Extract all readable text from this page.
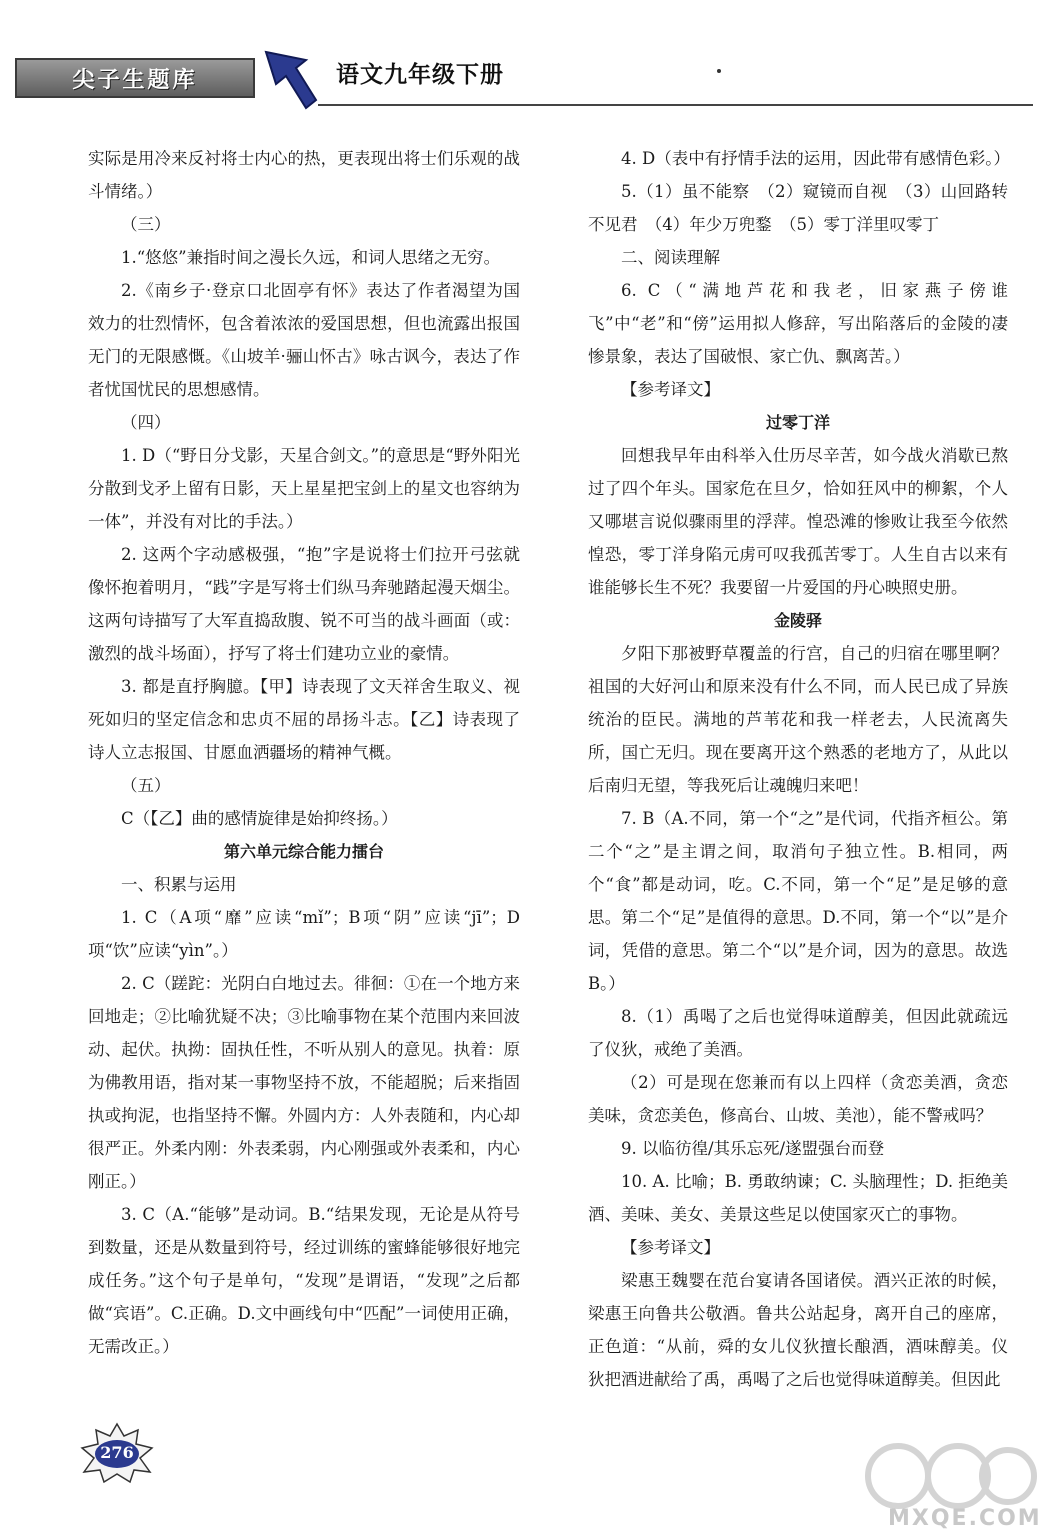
尖子生题库	语文九年级下册

实际是用冷来反衬将士内心的热，更表现出将士们乐观的战斗情绪。）

（三）

1.“悠悠”兼指时间之漫长久远，和词人思绪之无穷。

2.《南乡子·登京口北固亭有怀》表达了作者渴望为国效力的壮烈情怀，包含着浓浓的爱国思想，但也流露出报国无门的无限感慨。《山坡羊·骊山怀古》咏古讽今，表达了作者忧国忧民的思想感情。

（四）

1. D（“野日分戈影，天星合剑文。”的意思是“野外阳光分散到戈矛上留有日影，天上星星把宝剑上的星文也容纳为一体”，并没有对比的手法。）

2. 这两个字动感极强，“抱”字是说将士们拉开弓弦就像怀抱着明月，“践”字是写将士们纵马奔驰踏起漫天烟尘。这两句诗描写了大军直捣敌腹、锐不可当的战斗画面（或：激烈的战斗场面），抒写了将士们建功立业的豪情。

3. 都是直抒胸臆。【甲】诗表现了文天祥舍生取义、视死如归的坚定信念和忠贞不屈的昂扬斗志。【乙】诗表现了诗人立志报国、甘愿血洒疆场的精神气概。

（五）

C（【乙】曲的感情旋律是始抑终扬。）

第六单元综合能力擂台

一、积累与运用

1. C（A项“靡”应读“mǐ”；B项“阴”应读“jī”；D项“饮”应读“yìn”。）

2. C（蹉跎：光阴白白地过去。徘徊：①在一个地方来回地走；②比喻犹疑不决；③比喻事物在某个范围内来回波动、起伏。执拗：固执任性，不听从别人的意见。执着：原为佛教用语，指对某一事物坚持不放，不能超脱；后来指固执或拘泥，也指坚持不懈。外圆内方：人外表随和，内心却很严正。外柔内刚：外表柔弱，内心刚强或外表柔和，内心刚正。）

3. C（A.“能够”是动词。B.“结果发现，无论是从符号到数量，还是从数量到符号，经过训练的蜜蜂能够很好地完成任务。”这个句子是单句，“发现”是谓语，“发现”之后都做“宾语”。C.正确。D.文中画线句中“匹配”一词使用正确，无需改正。）

4. D（表中有抒情手法的运用，因此带有感情色彩。）

5.（1）虽不能察　（2）窥镜而自视　（3）山回路转不见君　（4）年少万兜鍪　（5）零丁洋里叹零丁

二、阅读理解

6. C（“满地芦花和我老，旧家燕子傍谁飞”中“老”和“傍”运用拟人修辞，写出陷落后的金陵的凄惨景象，表达了国破恨、家亡仇、飘离苦。）

【参考译文】

过零丁洋

回想我早年由科举入仕历尽辛苦，如今战火消歇已熬过了四个年头。国家危在旦夕，恰如狂风中的柳絮，个人又哪堪言说似骤雨里的浮萍。惶恐滩的惨败让我至今依然惶恐，零丁洋身陷元虏可叹我孤苦零丁。人生自古以来有谁能够长生不死？我要留一片爱国的丹心映照史册。

金陵驿

夕阳下那被野草覆盖的行宫，自己的归宿在哪里啊？祖国的大好河山和原来没有什么不同，而人民已成了异族统治的臣民。满地的芦苇花和我一样老去，人民流离失所，国亡无归。现在要离开这个熟悉的老地方了，从此以后南归无望，等我死后让魂魄归来吧！

7. B（A.不同，第一个“之”是代词，代指齐桓公。第二个“之”是主谓之间，取消句子独立性。B.相同，两个“食”都是动词，吃。C.不同，第一个“足”是足够的意思。第二个“足”是值得的意思。D.不同，第一个“以”是介词，凭借的意思。第二个“以”是介词，因为的意思。故选B。）

8.（1）禹喝了之后也觉得味道醇美，但因此就疏远了仪狄，戒绝了美酒。

（2）可是现在您兼而有以上四样（贪恋美酒，贪恋美味，贪恋美色，修高台、山坡、美池），能不警戒吗？

9. 以临彷徨/其乐忘死/遂盟强台而登

10. A. 比喻；B. 勇敢纳谏；C. 头脑理性；D. 拒绝美酒、美味、美女、美景这些足以使国家灭亡的事物。

【参考译文】

梁惠王魏婴在范台宴请各国诸侯。酒兴正浓的时候，梁惠王向鲁共公敬酒。鲁共公站起身，离开自己的座席，正色道：“从前，舜的女儿仪狄擅长酿酒，酒味醇美。仪狄把酒进献给了禹，禹喝了之后也觉得味道醇美。但因此

276
MXQE.COM
